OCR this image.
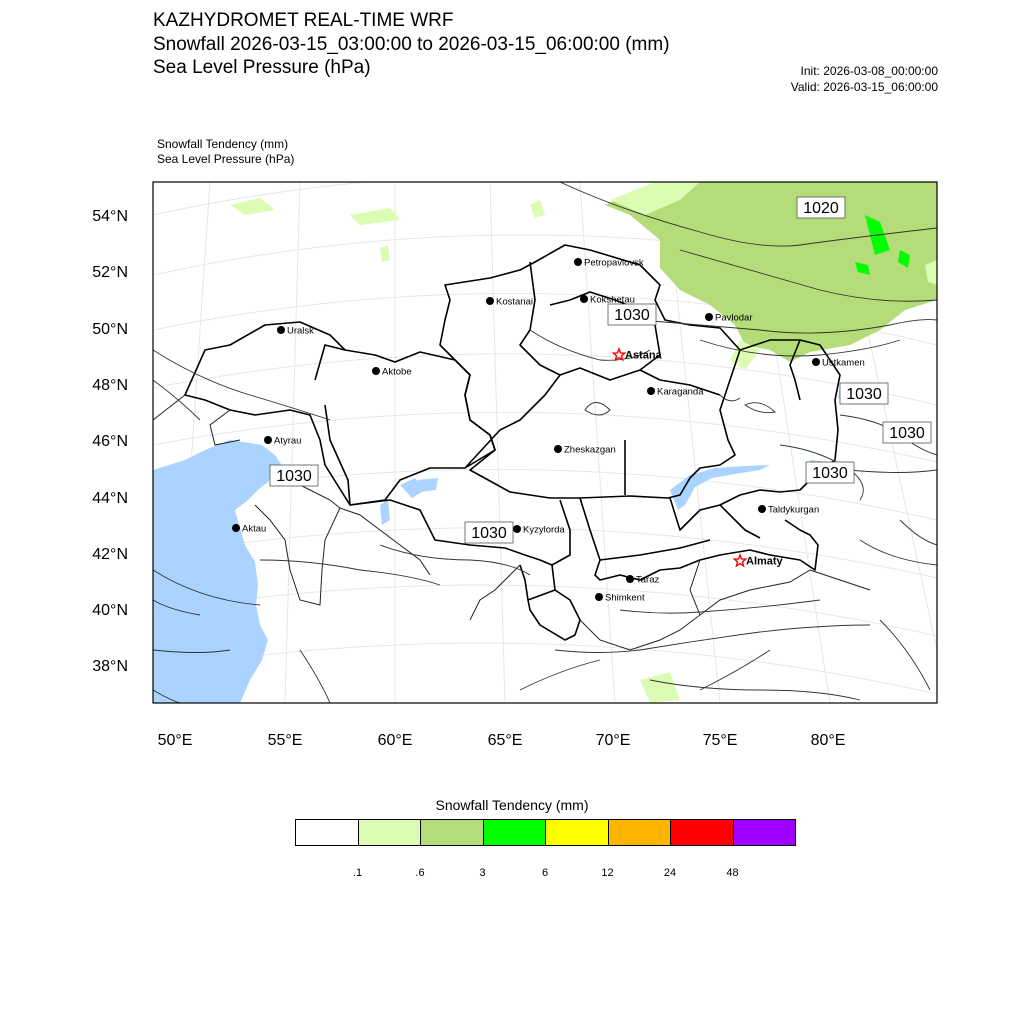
KAZHYDROMET REAL-TIME WRF
Snowfall 2026-03-15_03:00:00 to 2026-03-15_06:00:00 (mm)
Sea Level Pressure (hPa)	Init: 2026-03-08_00:00:00
Valid: 2026-03-15_06:00:00
Snowfall Tendency (mm)
Sea Level Pressure (hPa)
54°N
52°N
50°N
48°N
46°N
44°N
42°N
40°N
38°N
50°E	55°E	60°E	65°E	70°E	75°E	80°E
1020
1030
1030
1030
1030
1030
1030
Petropavlovsk
Kostanai	Kokshetau
Uralsk
Pavlodar
Astana
Aktobe
Ustkamen
Karaganda
Atyrau
Zheskazgan
Aktau	Kyzylorda
Taldykurgan
Almaty
Taraz
Shimkent
Snowfall Tendency (mm)
.1	.6	3	6	12	24	48
